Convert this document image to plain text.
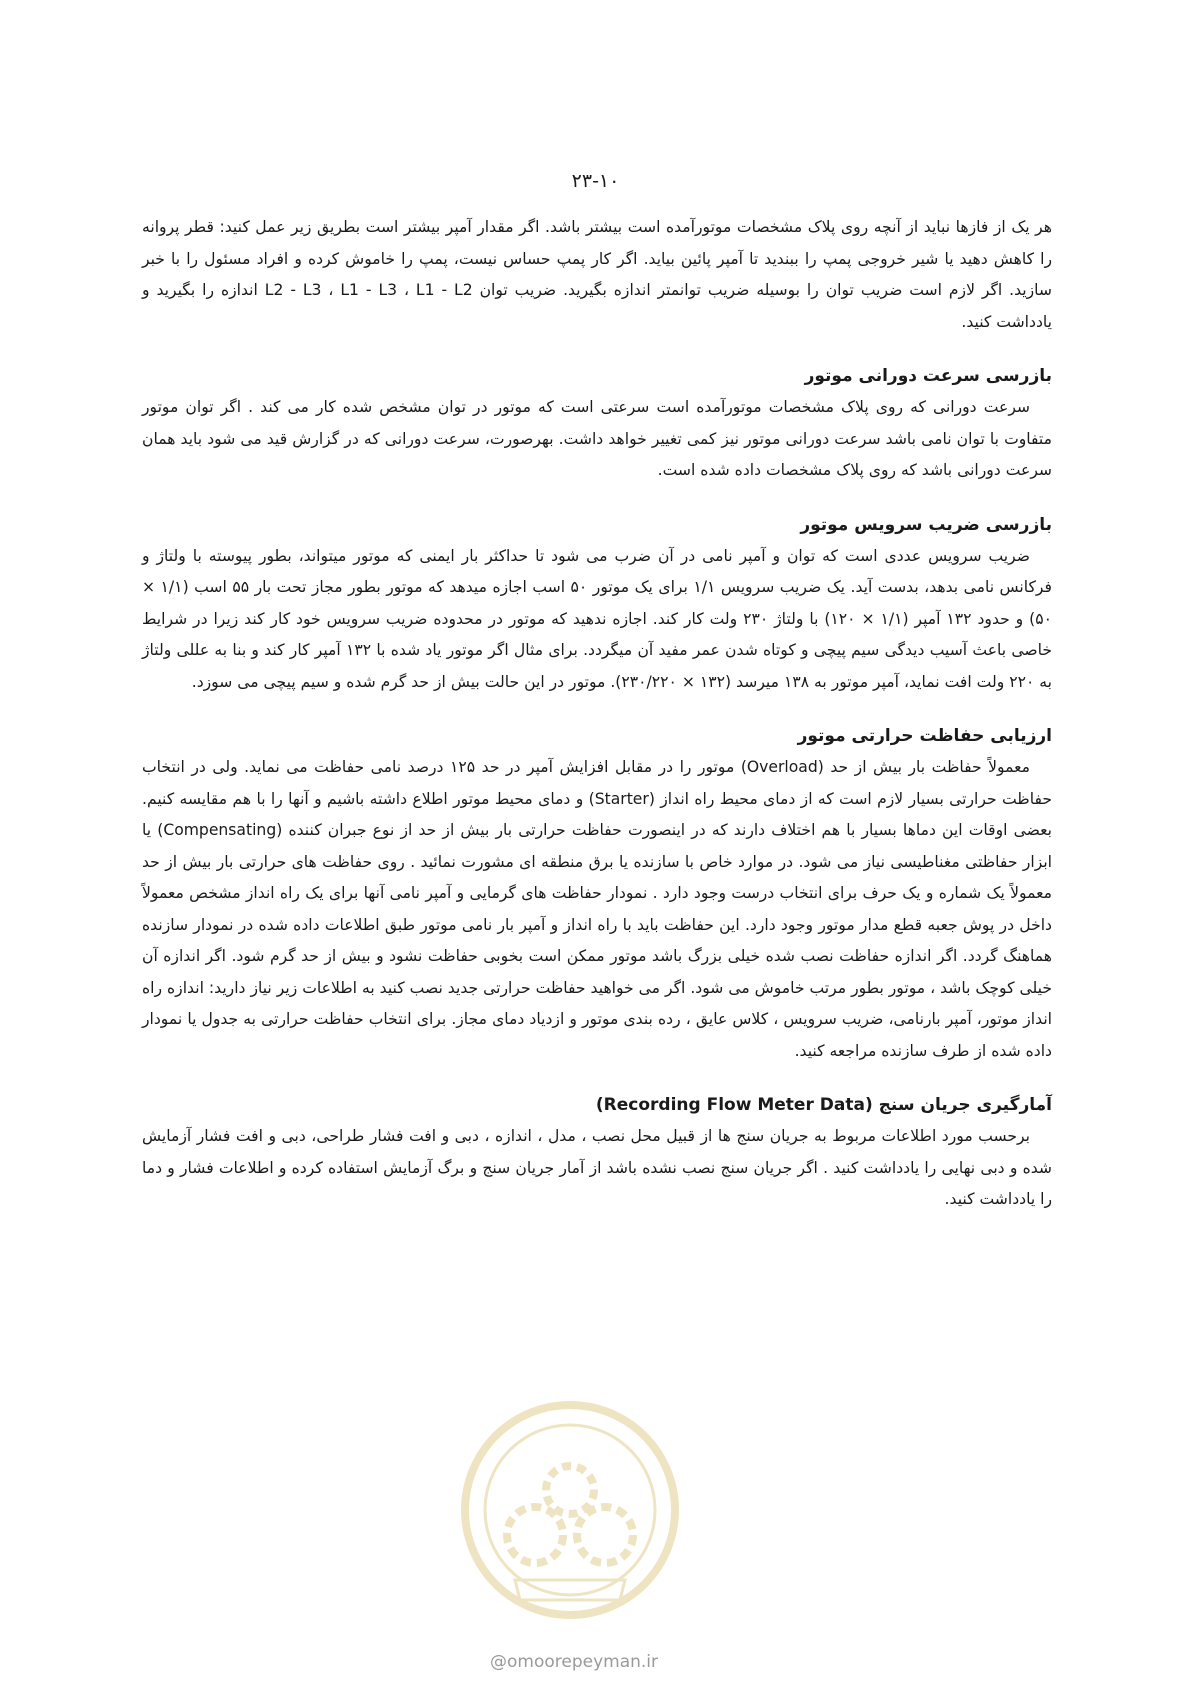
۲۳-۱۰

هر یک از فازها نباید از آنچه روی پلاک مشخصات موتورآمده است بیشتر باشد. اگر مقدار آمپر بیشتر است بطریق زیر عمل کنید: قطر پروانه را کاهش دهید یا شیر خروجی پمپ را ببندید تا آمپر پائین بیاید. اگر کار پمپ حساس نیست، پمپ را خاموش کرده و افراد مسئول را با خبر سازید. اگر لازم است ضریب توان را بوسیله ضریب توانمتر اندازه بگیرید. ضریب توان L2 - L3 ، L1 - L3 ، L1 - L2 اندازه را بگیرید و یادداشت کنید.

بازرسی سرعت دورانی موتور

سرعت دورانی که روی پلاک مشخصات موتورآمده است سرعتی است که موتور در توان مشخص شده کار می کند . اگر توان موتور متفاوت با توان نامی باشد سرعت دورانی موتور نیز کمی تغییر خواهد داشت. بهرصورت، سرعت دورانی که در گزارش قید می شود باید همان سرعت دورانی باشد که روی پلاک مشخصات داده شده است.

بازرسی ضریب سرویس موتور

ضریب سرویس عددی است که توان و آمپر نامی در آن ضرب می شود تا حداکثر بار ایمنی که موتور میتواند، بطور پیوسته با ولتاژ و فرکانس نامی بدهد، بدست آید. یک ضریب سرویس ۱/۱ برای یک موتور ۵۰ اسب اجازه میدهد که موتور بطور مجاز تحت بار ۵۵ اسب (۱/۱ × ۵۰) و حدود ۱۳۲ آمپر (۱/۱ × ۱۲۰) با ولتاژ ۲۳۰ ولت کار کند. اجازه ندهید که موتور در محدوده ضریب سرویس خود کار کند زیرا در شرایط خاصی باعث آسیب دیدگی سیم پیچی و کوتاه شدن عمر مفید آن میگردد. برای مثال اگر موتور یاد شده با ۱۳۲ آمپر کار کند و بنا به عللی ولتاژ به ۲۲۰ ولت افت نماید، آمپر موتور به ۱۳۸ میرسد (۱۳۲ × ۲۳۰/۲۲۰). موتور در این حالت بیش از حد گرم شده و سیم پیچی می سوزد.

ارزیابی حفاظت حرارتی موتور

معمولاً حفاظت بار بیش از حد (Overload) موتور را در مقابل افزایش آمپر در حد ۱۲۵ درصد نامی حفاظت می نماید. ولی در انتخاب حفاظت حرارتی بسیار لازم است که از دمای محیط راه انداز (Starter) و دمای محیط موتور اطلاع داشته باشیم و آنها را با هم مقایسه کنیم. بعضی اوقات این دماها بسیار با هم اختلاف دارند که در اینصورت حفاظت حرارتی بار بیش از حد از نوع جبران کننده (Compensating) یا ابزار حفاظتی مغناطیسی نیاز می شود. در موارد خاص با سازنده یا برق منطقه ای مشورت نمائید . روی حفاظت های حرارتی بار بیش از حد معمولاً یک شماره و یک حرف برای انتخاب درست وجود دارد . نمودار حفاظت های گرمایی و آمپر نامی آنها برای یک راه انداز مشخص معمولاً داخل در پوش جعبه قطع مدار موتور وجود دارد. این حفاظت باید با راه انداز و آمپر بار نامی موتور طبق اطلاعات داده شده در نمودار سازنده هماهنگ گردد. اگر اندازه حفاظت نصب شده خیلی بزرگ باشد موتور ممکن است بخوبی حفاظت نشود و بیش از حد گرم شود. اگر اندازه آن خیلی کوچک باشد ، موتور بطور مرتب خاموش می شود. اگر می خواهید حفاظت حرارتی جدید نصب کنید به اطلاعات زیر نیاز دارید: اندازه راه انداز موتور، آمپر بارنامی، ضریب سرویس ، کلاس عایق ، رده بندی موتور و ازدیاد دمای مجاز. برای انتخاب حفاظت حرارتی به جدول یا نمودار داده شده از طرف سازنده مراجعه کنید.

آمارگیری جریان سنج (Recording Flow Meter Data)

برحسب مورد اطلاعات مربوط به جریان سنج ها از قبیل محل نصب ، مدل ، اندازه ، دبی و افت فشار طراحی، دبی و افت فشار آزمایش شده و دبی نهایی را یادداشت کنید . اگر جریان سنج نصب نشده باشد از آمار جریان سنج و برگ آزمایش استفاده کرده و اطلاعات فشار و دما را یادداشت کنید.

@omoorepeyman.ir
